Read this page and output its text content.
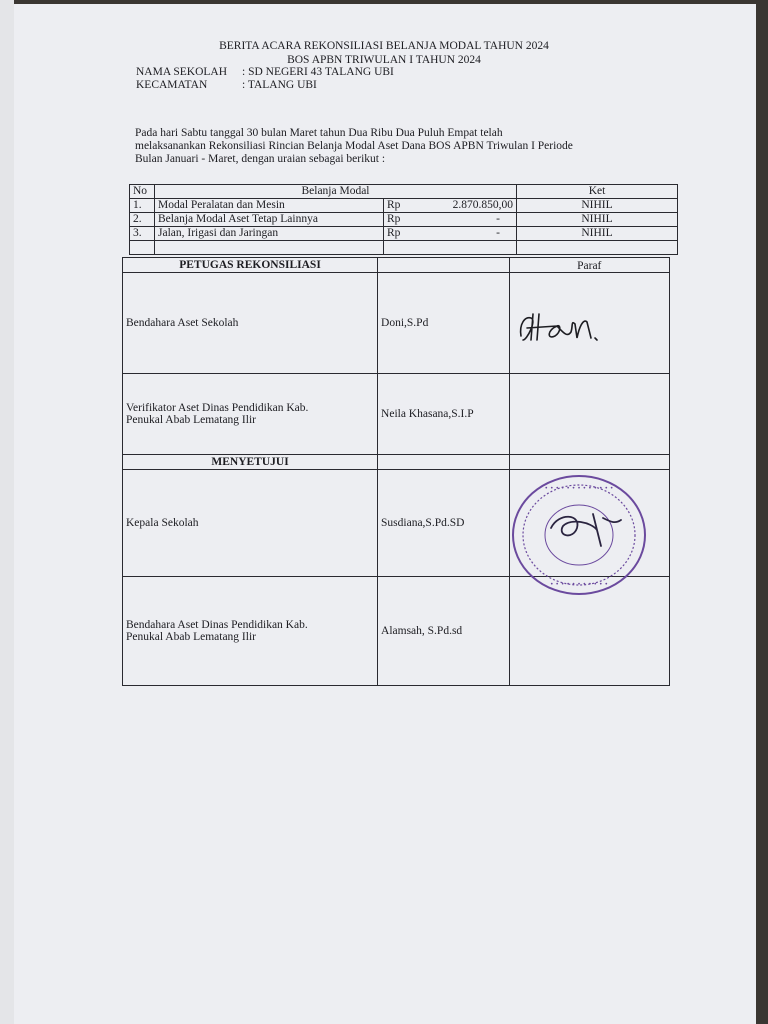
BERITA ACARA REKONSILIASI BELANJA MODAL TAHUN 2024
BOS APBN TRIWULAN I TAHUN 2024
NAMA SEKOLAH : SD NEGERI 43 TALANG UBI
KECAMATAN	: TALANG UBI
Pada hari Sabtu tanggal 30 bulan Maret tahun Dua Ribu Dua Puluh Empat telah
melaksanankan Rekonsiliasi Rincian Belanja Modal Aset Dana BOS APBN Triwulan I Periode
Bulan Januari - Maret, dengan uraian sebagai berikut :
No	Belanja Modal			Ket
1.	Modal Peralatan dan Mesin	Rp	2.870.850,00	NIHIL
2.	Belanja Modal Aset Tetap Lainnya	Rp	-	NIHIL
3.	Jalan, Irigasi dan Jaringan	Rp	-	NIHIL

PETUGAS REKONSILIASI		Paraf
Bendahara Aset Sekolah	Doni,S.Pd	

Verifikator Aset Dinas Pendidikan Kab.
Penukal Abab Lematang Ilir	Neila Khasana,S.I.P	
MENYETUJUI		
Kepala Sekolah	Susdiana,S.Pd.SD	

Bendahara Aset Dinas Pendidikan Kab.
Penukal Abab Lematang Ilir	Alamsah, S.Pd.sd	
• • • • • • • • • • • • •
• • • • • • • • • • •
